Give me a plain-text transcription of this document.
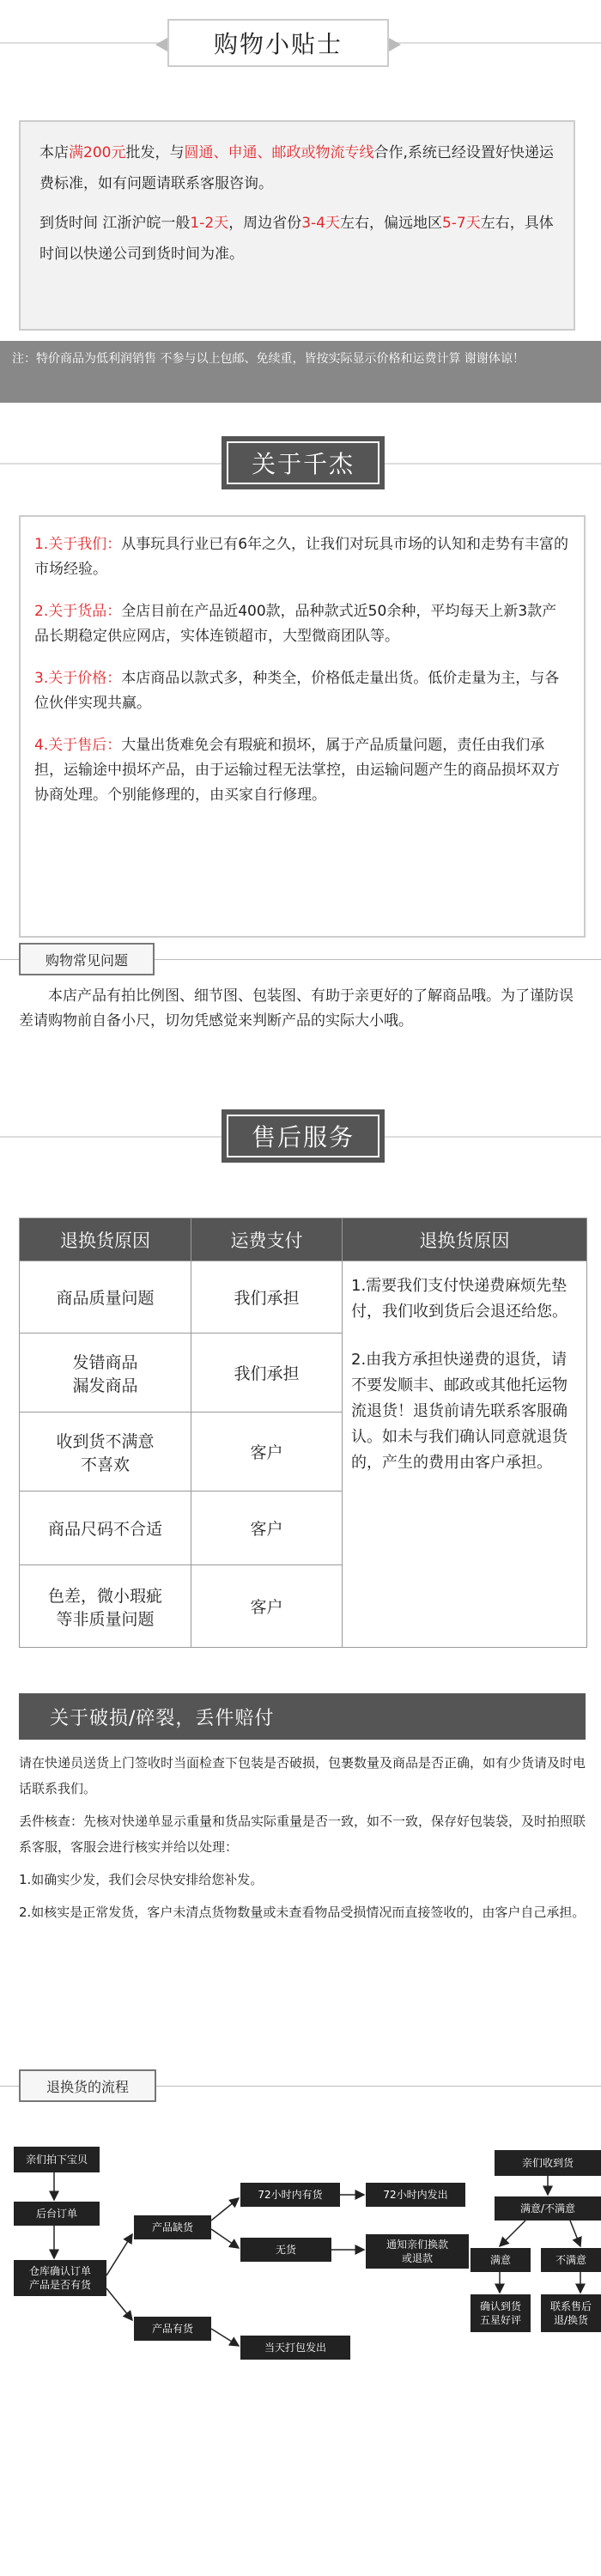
购物小贴士

本店满200元批发，与圆通、申通、邮政或物流专线合作,系统已经设置好快递运费标准，如有问题请联系客服咨询。

到货时间 江浙沪皖一般1-2天，周边省份3-4天左右，偏远地区5-7天左右，具体时间以快递公司到货时间为准。

注：特价商品为低利润销售 不参与以上包邮、免续重，皆按实际显示价格和运费计算 谢谢体谅！
关于千杰

1.关于我们：从事玩具行业已有6年之久，让我们对玩具市场的认知和走势有丰富的市场经验。

2.关于货品：全店目前在产品近400款，品种款式近50余种，平均每天上新3款产品长期稳定供应网店，实体连锁超市，大型微商团队等。

3.关于价格：本店商品以款式多，种类全，价格低走量出货。低价走量为主，与各位伙伴实现共赢。

4.关于售后：大量出货难免会有瑕疵和损坏，属于产品质量问题，责任由我们承担，运输途中损坏产品，由于运输过程无法掌控，由运输问题产生的商品损坏双方协商处理。个别能修理的，由买家自行修理。

购物常见问题
本店产品有拍比例图、细节图、包装图、有助于亲更好的了解商品哦。为了谨防误差请购物前自备小尺，切勿凭感觉来判断产品的实际大小哦。
售后服务
退换货原因	运费支付	退换货原因
商品质量问题	我们承担	1.需要我们支付快递费麻烦先垫付，我们收到货后会退还给您。
2.由我方承担快递费的退货，请不要发顺丰、邮政或其他托运物流退货！退货前请先联系客服确认。如未与我们确认同意就退货的，产生的费用由客户承担。

发错商品
漏发商品	我们承担	
收到货不满意
不喜欢	客户	
商品尺码不合适	客户	
色差，微小瑕疵
等非质量问题	客户	
关于破损/碎裂，丢件赔付

请在快递员送货上门签收时当面检查下包装是否破损，包裹数量及商品是否正确，如有少货请及时电话联系我们。

丢件核查：先核对快递单显示重量和货品实际重量是否一致，如不一致，保存好包装袋，及时拍照联系客服，客服会进行核实并给以处理：

1.如确实少发，我们会尽快安排给您补发。

2.如核实是正常发货，客户未清点货物数量或未查看物品受损情况而直接签收的，由客户自己承担。

退换货的流程
亲们拍下宝贝
后台订单
仓库确认订单
产品是否有货
产品缺货
产品有货
72小时内有货	72小时内发出
无货	通知亲们换款
或退款
当天打包发出
亲们收到货
满意/不满意
满意	不满意
确认到货
五星好评
联系售后
退/换货
